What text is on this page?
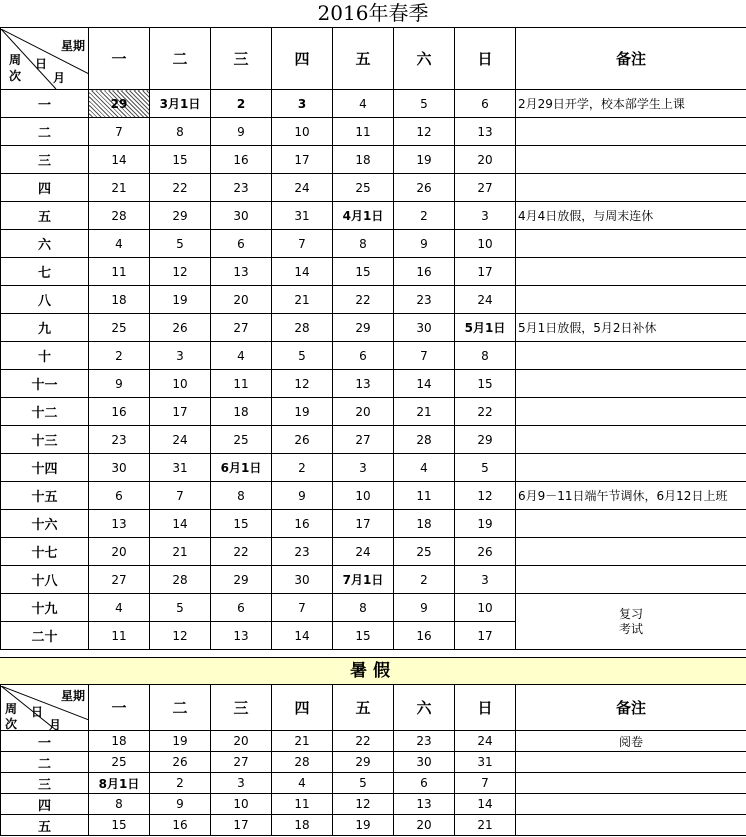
2016年春季
星期
周
次
日
月	一	二	三	四	五	六	日	备注
一	29	3月1日	2	3	4	5	6	2月29日开学，校本部学生上课
二	7	8	9	10	11	12	13	
三	14	15	16	17	18	19	20	
四	21	22	23	24	25	26	27	
五	28	29	30	31	4月1日	2	3	4月4日放假，与周末连休
六	4	5	6	7	8	9	10	
七	11	12	13	14	15	16	17	
八	18	19	20	21	22	23	24	
九	25	26	27	28	29	30	5月1日	5月1日放假，5月2日补休
十	2	3	4	5	6	7	8	
十一	9	10	11	12	13	14	15	
十二	16	17	18	19	20	21	22	
十三	23	24	25	26	27	28	29	
十四	30	31	6月1日	2	3	4	5	
十五	6	7	8	9	10	11	12	6月9－11日端午节调休，6月12日上班
十六	13	14	15	16	17	18	19	
十七	20	21	22	23	24	25	26	
十八	27	28	29	30	7月1日	2	3	
十九	4	5	6	7	8	9	10	复习
考试

二十	11	12	13	14	15	16	17	
暑假
星期
周
次
日
月	一	二	三	四	五	六	日	备注
一	18	19	20	21	22	23	24	阅卷
二	25	26	27	28	29	30	31	
三	8月1日	2	3	4	5	6	7	
四	8	9	10	11	12	13	14	
五	15	16	17	18	19	20	21	
